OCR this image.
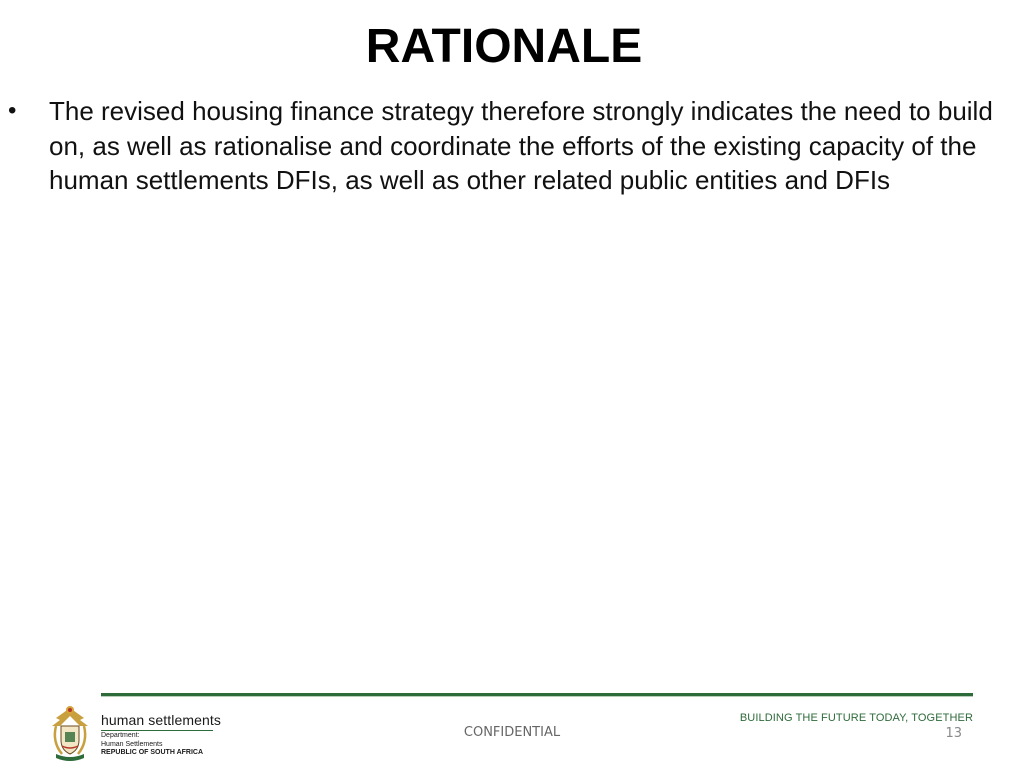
RATIONALE
• The revised housing finance strategy therefore strongly indicates the need to build on, as well as rationalise and coordinate the efforts of the existing capacity of the human settlements DFIs, as well as other related public entities and DFIs
human settlements
Department:
Human Settlements
REPUBLIC OF SOUTH AFRICA
BUILDING THE FUTURE TODAY, TOGETHER
CONFIDENTIAL	13
